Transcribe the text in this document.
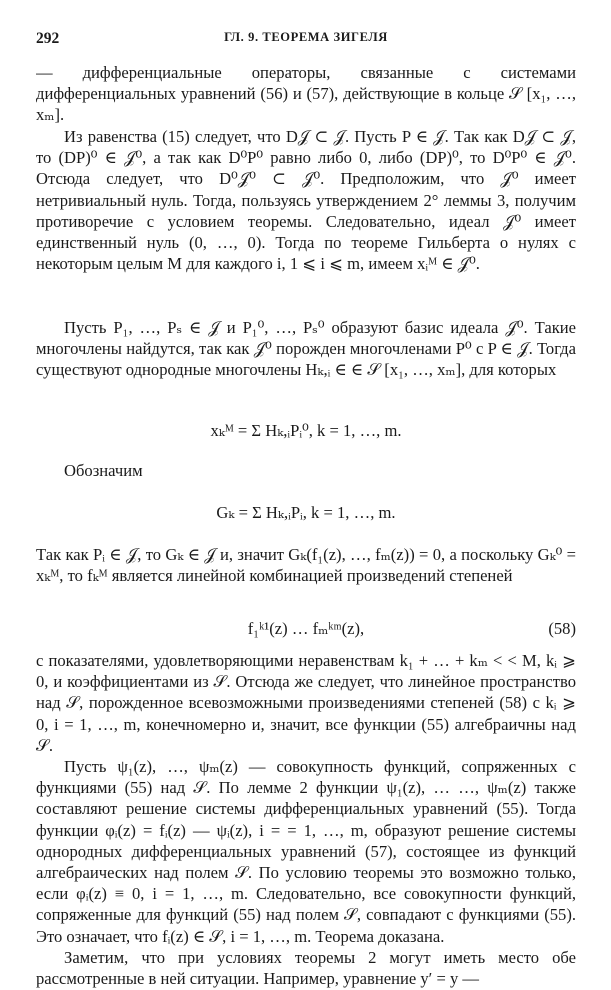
292	ГЛ. 9. ТЕОРЕМА ЗИГЕЛЯ

— дифференциальные операторы, связанные с системами дифференциальных уравнений (56) и (57), действующие в кольце 𝒮 [x₁, …, xₘ].

Из равенства (15) следует, что D𝒥 ⊂ 𝒥. Пусть P ∈ 𝒥. Так как D𝒥 ⊂ 𝒥, то (DP)⁰ ∈ 𝒥⁰, а так как D⁰P⁰ равно либо 0, либо (DP)⁰, то D⁰P⁰ ∈ 𝒥⁰. Отсюда следует, что D⁰𝒥⁰ ⊂ 𝒥⁰. Предположим, что 𝒥⁰ имеет нетривиальный нуль. Тогда, пользуясь утверждением 2° леммы 3, получим противоречие с условием теоремы. Следовательно, идеал 𝒥⁰ имеет единственный нуль (0, …, 0). Тогда по теореме Гильберта о нулях с некоторым целым M для каждого i, 1 ⩽ i ⩽ m, имеем xᵢᴹ ∈ 𝒥⁰.

Пусть P₁, …, Pₛ ∈ 𝒥 и P₁⁰, …, Pₛ⁰ образуют базис идеала 𝒥⁰. Такие многочлены найдутся, так как 𝒥⁰ порожден многочленами P⁰ с P ∈ 𝒥. Тогда существуют однородные многочлены Hₖ,ᵢ ∈ ∈ 𝒮 [x₁, …, xₘ], для которых

xₖᴹ = Σ Hₖ,ᵢPᵢ⁰, k = 1, …, m.

Обозначим

Gₖ = Σ Hₖ,ᵢPᵢ, k = 1, …, m.

Так как Pᵢ ∈ 𝒥, то Gₖ ∈ 𝒥 и, значит Gₖ(f₁(z), …, fₘ(z)) = 0, а поскольку Gₖ⁰ = xₖᴹ, то fₖᴹ является линейной комбинацией произведений степеней

f₁ᵏ¹(z) … fₘᵏᵐ(z),	(58)

с показателями, удовлетворяющими неравенствам k₁ + … + kₘ < < M, kᵢ ⩾ 0, и коэффициентами из 𝒮. Отсюда же следует, что линейное пространство над 𝒮, порожденное всевозможными произведениями степеней (58) с kᵢ ⩾ 0, i = 1, …, m, конечномерно и, значит, все функции (55) алгебраичны над 𝒮.

Пусть ψ₁(z), …, ψₘ(z) — совокупность функций, сопряженных с функциями (55) над 𝒮. По лемме 2 функции ψ₁(z), … …, ψₘ(z) также составляют решение системы дифференциальных уравнений (55). Тогда функции φᵢ(z) = fᵢ(z) — ψᵢ(z), i = = 1, …, m, образуют решение системы однородных дифференциальных уравнений (57), состоящее из функций алгебраических над полем 𝒮. По условию теоремы это возможно только, если φᵢ(z) ≡ 0, i = 1, …, m. Следовательно, все совокупности функций, сопряженные для функций (55) над полем 𝒮, совпадают с функциями (55). Это означает, что fᵢ(z) ∈ 𝒮, i = 1, …, m. Теорема доказана.

Заметим, что при условиях теоремы 2 могут иметь место обе рассмотренные в ней ситуации. Например, уравнение y′ = y —
